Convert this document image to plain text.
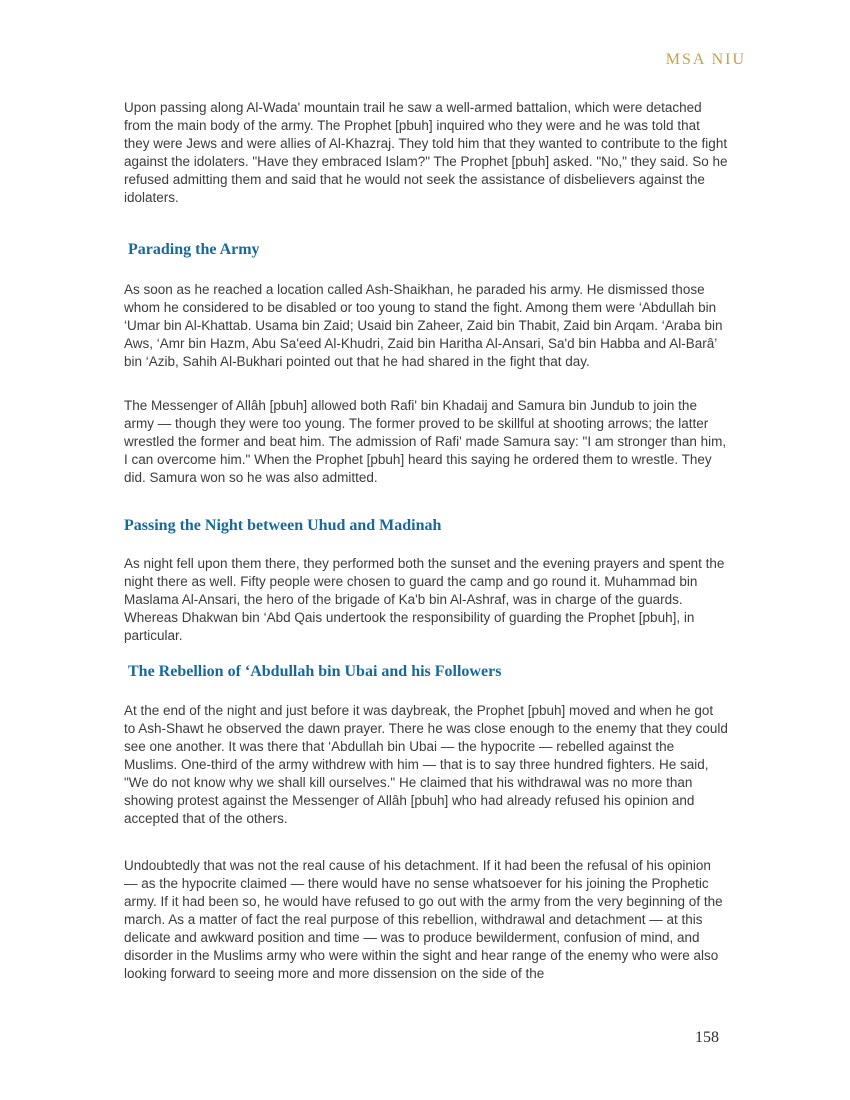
MSA NIU

Upon passing along Al-Wada' mountain trail he saw a well-armed battalion, which were detached from the main body of the army. The Prophet [pbuh] inquired who they were and he was told that they were Jews and were allies of Al-Khazraj. They told him that they wanted to contribute to the fight against the idolaters. "Have they embraced Islam?" The Prophet [pbuh] asked. "No," they said. So he refused admitting them and said that he would not seek the assistance of disbelievers against the idolaters.

Parading the Army

As soon as he reached a location called Ash-Shaikhan, he paraded his army. He dismissed those whom he considered to be disabled or too young to stand the fight. Among them were ‘Abdullah bin ‘Umar bin Al-Khattab. Usama bin Zaid; Usaid bin Zaheer, Zaid bin Thabit, Zaid bin Arqam. ‘Araba bin Aws, ‘Amr bin Hazm, Abu Sa'eed Al-Khudri, Zaid bin Haritha Al-Ansari, Sa'd bin Habba and Al-Barâ’ bin ‘Azib, Sahih Al-Bukhari pointed out that he had shared in the fight that day.

The Messenger of Allâh [pbuh] allowed both Rafi' bin Khadaij and Samura bin Jundub to join the army — though they were too young. The former proved to be skillful at shooting arrows; the latter wrestled the former and beat him. The admission of Rafi' made Samura say: "I am stronger than him, I can overcome him." When the Prophet [pbuh] heard this saying he ordered them to wrestle. They did. Samura won so he was also admitted.

Passing the Night between Uhud and Madinah

As night fell upon them there, they performed both the sunset and the evening prayers and spent the night there as well. Fifty people were chosen to guard the camp and go round it. Muhammad bin Maslama Al-Ansari, the hero of the brigade of Ka'b bin Al-Ashraf, was in charge of the guards. Whereas Dhakwan bin ‘Abd Qais undertook the responsibility of guarding the Prophet [pbuh], in particular.

The Rebellion of ‘Abdullah bin Ubai and his Followers

At the end of the night and just before it was daybreak, the Prophet [pbuh] moved and when he got to Ash-Shawt he observed the dawn prayer. There he was close enough to the enemy that they could see one another. It was there that ‘Abdullah bin Ubai — the hypocrite — rebelled against the Muslims. One-third of the army withdrew with him — that is to say three hundred fighters. He said, "We do not know why we shall kill ourselves." He claimed that his withdrawal was no more than showing protest against the Messenger of Allâh [pbuh] who had already refused his opinion and accepted that of the others.

Undoubtedly that was not the real cause of his detachment. If it had been the refusal of his opinion — as the hypocrite claimed — there would have no sense whatsoever for his joining the Prophetic army. If it had been so, he would have refused to go out with the army from the very beginning of the march. As a matter of fact the real purpose of this rebellion, withdrawal and detachment — at this delicate and awkward position and time — was to produce bewilderment, confusion of mind, and disorder in the Muslims army who were within the sight and hear range of the enemy who were also looking forward to seeing more and more dissension on the side of the

158
